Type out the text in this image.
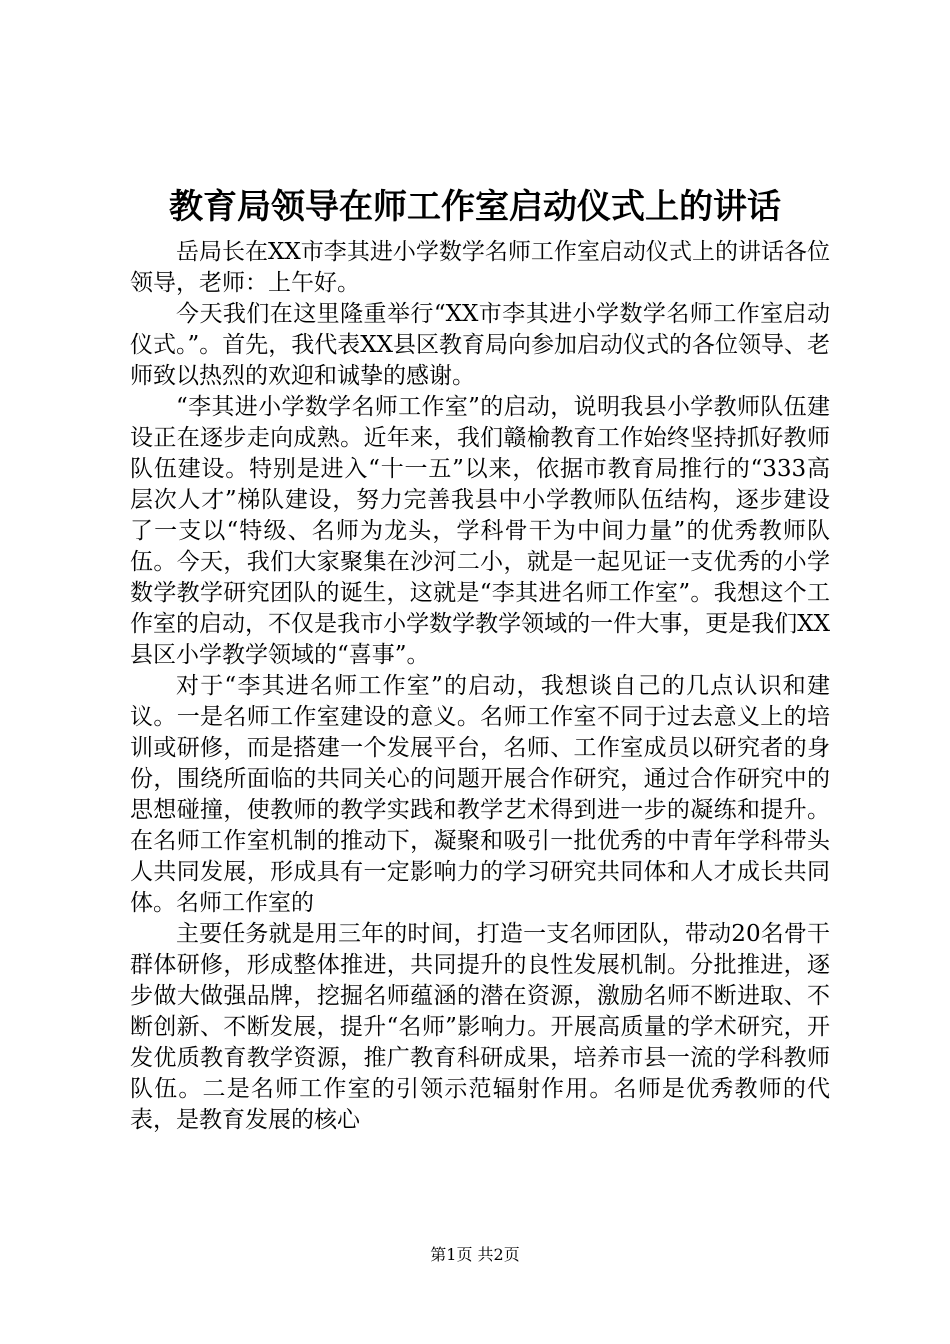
教育局领导在师工作室启动仪式上的讲话

岳局长在XX市李其进小学数学名师工作室启动仪式上的讲话各位领导，老师：上午好。

今天我们在这里隆重举行“XX市李其进小学数学名师工作室启动仪式。”。首先，我代表XX县区教育局向参加启动仪式的各位领导、老师致以热烈的欢迎和诚挚的感谢。

“李其进小学数学名师工作室”的启动，说明我县小学教师队伍建设正在逐步走向成熟。近年来，我们赣榆教育工作始终坚持抓好教师队伍建设。特别是进入“十一五”以来，依据市教育局推行的“333高层次人才”梯队建设，努力完善我县中小学教师队伍结构，逐步建设了一支以“特级、名师为龙头，学科骨干为中间力量”的优秀教师队伍。今天，我们大家聚集在沙河二小，就是一起见证一支优秀的小学数学教学研究团队的诞生，这就是“李其进名师工作室”。我想这个工作室的启动，不仅是我市小学数学教学领域的一件大事，更是我们XX县区小学教学领域的“喜事”。

对于“李其进名师工作室”的启动，我想谈自己的几点认识和建议。一是名师工作室建设的意义。名师工作室不同于过去意义上的培训或研修，而是搭建一个发展平台，名师、工作室成员以研究者的身份，围绕所面临的共同关心的问题开展合作研究，通过合作研究中的思想碰撞，使教师的教学实践和教学艺术得到进一步的凝练和提升。在名师工作室机制的推动下，凝聚和吸引一批优秀的中青年学科带头人共同发展，形成具有一定影响力的学习研究共同体和人才成长共同体。名师工作室的

主要任务就是用三年的时间，打造一支名师团队，带动20名骨干群体研修，形成整体推进，共同提升的良性发展机制。分批推进，逐步做大做强品牌，挖掘名师蕴涵的潜在资源，激励名师不断进取、不断创新、不断发展，提升“名师”影响力。开展高质量的学术研究，开发优质教育教学资源，推广教育科研成果，培养市县一流的学科教师队伍。二是名师工作室的引领示范辐射作用。名师是优秀教师的代表，是教育发展的核心

第1页 共2页
